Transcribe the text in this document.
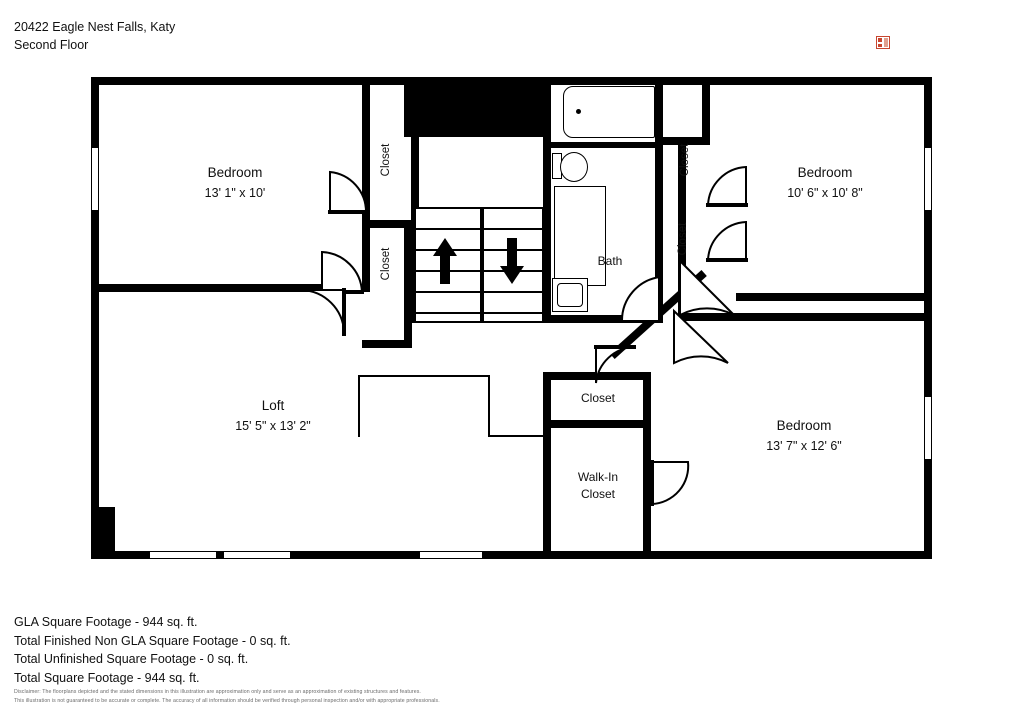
20422 Eagle Nest Falls, Katy
Second Floor
Bath
Closet
Walk-In
Closet
Closet
Closet
Closet
Closet
Bedroom
13' 1" x 10'
Bedroom
10' 6" x 10' 8"
Bedroom
13' 7" x 12' 6"
Loft
15' 5" x 13' 2"
GLA Square Footage - 944 sq. ft.
Total Finished Non GLA Square Footage - 0 sq. ft.
Total Unfinished Square Footage - 0 sq. ft.
Total Square Footage - 944 sq. ft.
Disclaimer: The floorplans depicted and the stated dimensions in this illustration are approximation only and serve as an approximation of existing structures and features.
This illustration is not guaranteed to be accurate or complete. The accuracy of all information should be verified through personal inspection and/or with appropriate professionals.
